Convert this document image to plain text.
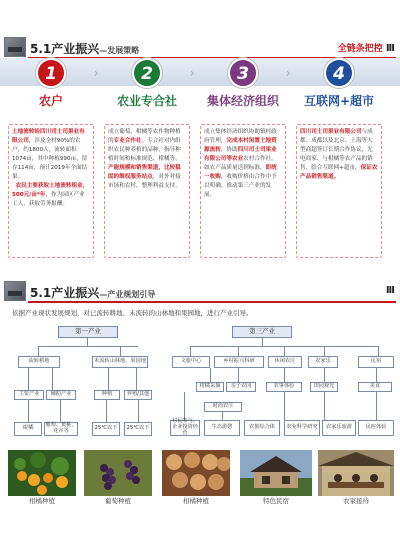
5.1产业振兴—发展策略	全链条把控 III
1
农户
›	2
农业专合社
›	3
集体经济组织
›	4
互联网+超市
土地流转给四川司士司果业有限公司，涉及全村90%的农户，约1800人，流转面积1074亩，其中种植990亩，留存114亩，预计2019年全面结果。
农民主要获取土地流转租金，500元/亩*年，作为园区产业工人，获取劳务报酬。
成立葡萄、柑橘等农作物种植的专业合作社。专合社对内组织农民种养植的品种，指导种植时间和标准规范、柑橘等，产能规模和销售渠道，比较稳固的维权服务站点，对外对接市场和农村，整理利益支持。
成立集体经济组织协助镇村政府管理，完成本村闲置土地资源流转，协助四川司士司果业有限公司等农业农村合作社，如农产品质量达到标准，即统一收购，收购价格由合作中予以明确。推动第三产业的发展。
四川司士司果业有限公司与成都、成都以及北京、上海等大型商超签订长期合作协议，光电商家、与柑橘等农产品的销售，结合互联网+超市，保证农产品销售渠道。
5.1产业振兴—产业规划引导	III
依据产业现状发展规划，对已流转耕地、未流转的山林地和果园地，进行产业引导。
第一产业
流转耕地	未流转山林地、果园地
主要产业	辅助产业	种植	养殖/其他
柑橘	葡萄、黄桃、花卉等	25℃以下	25℃以下
第三产业
文旅中心	乡村振兴科研	休闲农庄	农家乐	民宿
柑橘采摘	亲子农园	农事体验	田园观光	美食
时尚农庄
村民参与、企业投资经营
生态游憩	农旅综合体	农业科学研究	农家乐旅游	民宿体验
柑橘种植	葡萄种植	柑橘种植	特色民宿	农家接待
